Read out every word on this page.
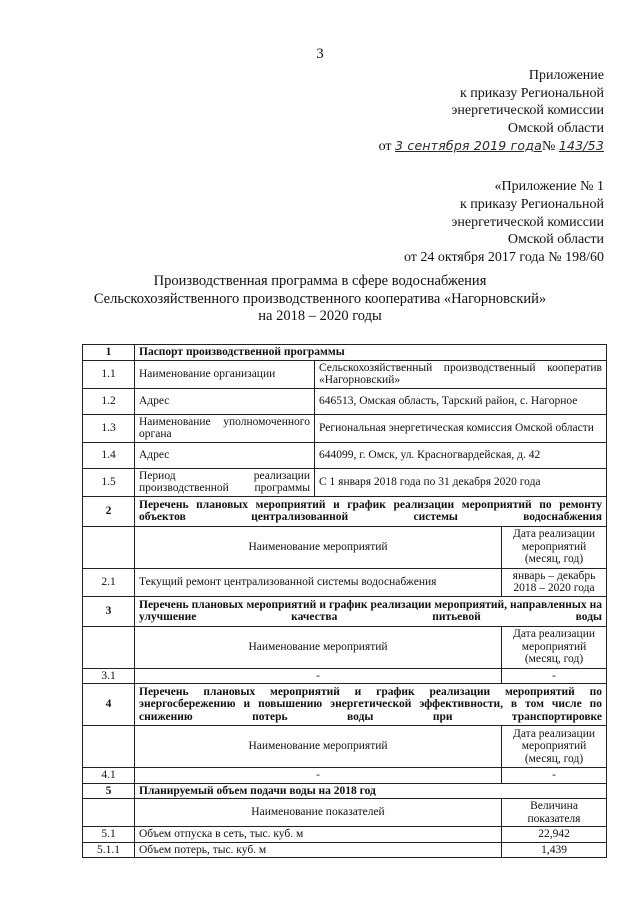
3
Приложение
к приказу Региональной
энергетической комиссии
Омской области
от 3 сентября 2019 года№ 143/53
«Приложение № 1
к приказу Региональной
энергетической комиссии
Омской области
от 24 октября 2017 года № 198/60
Производственная программа в сфере водоснабжения
Сельскохозяйственного производственного кооператива «Нагорновский»
на 2018 – 2020 годы
1	Паспорт производственной программы		
1.1	Наименование организации	Сельскохозяйственный производственный кооператив «Нагорновский»	
1.2	Адрес	646513, Омская область, Тарский район, с. Нагорное	
1.3	Наименование уполномоченного органа	Региональная энергетическая комиссия Омской области	
1.4	Адрес	644099, г. Омск, ул. Красногвардейская, д. 42	
1.5	Период реализации производственной программы	С 1 января 2018 года по 31 декабря 2020 года	
2	Перечень плановых мероприятий и график реализации мероприятий по ремонту объектов централизованной системы водоснабжения		
	Наименование мероприятий		Дата реализации мероприятий (месяц, год)
2.1	Текущий ремонт централизованной системы водоснабжения		январь – декабрь 2018 – 2020 года
3	Перечень плановых мероприятий и график реализации мероприятий, направленных на улучшение качества питьевой воды		
	Наименование мероприятий		Дата реализации мероприятий (месяц, год)
3.1	-		-
4	Перечень плановых мероприятий и график реализации мероприятий по энергосбережению и повышению энергетической эффективности, в том числе по снижению потерь воды при транспортировке		
	Наименование мероприятий		Дата реализации мероприятий (месяц, год)
4.1	-		-
5	Планируемый объем подачи воды на 2018 год		
	Наименование показателей		Величина показателя
5.1	Объем отпуска в сеть, тыс. куб. м		22,942
5.1.1	Объем потерь, тыс. куб. м		1,439
